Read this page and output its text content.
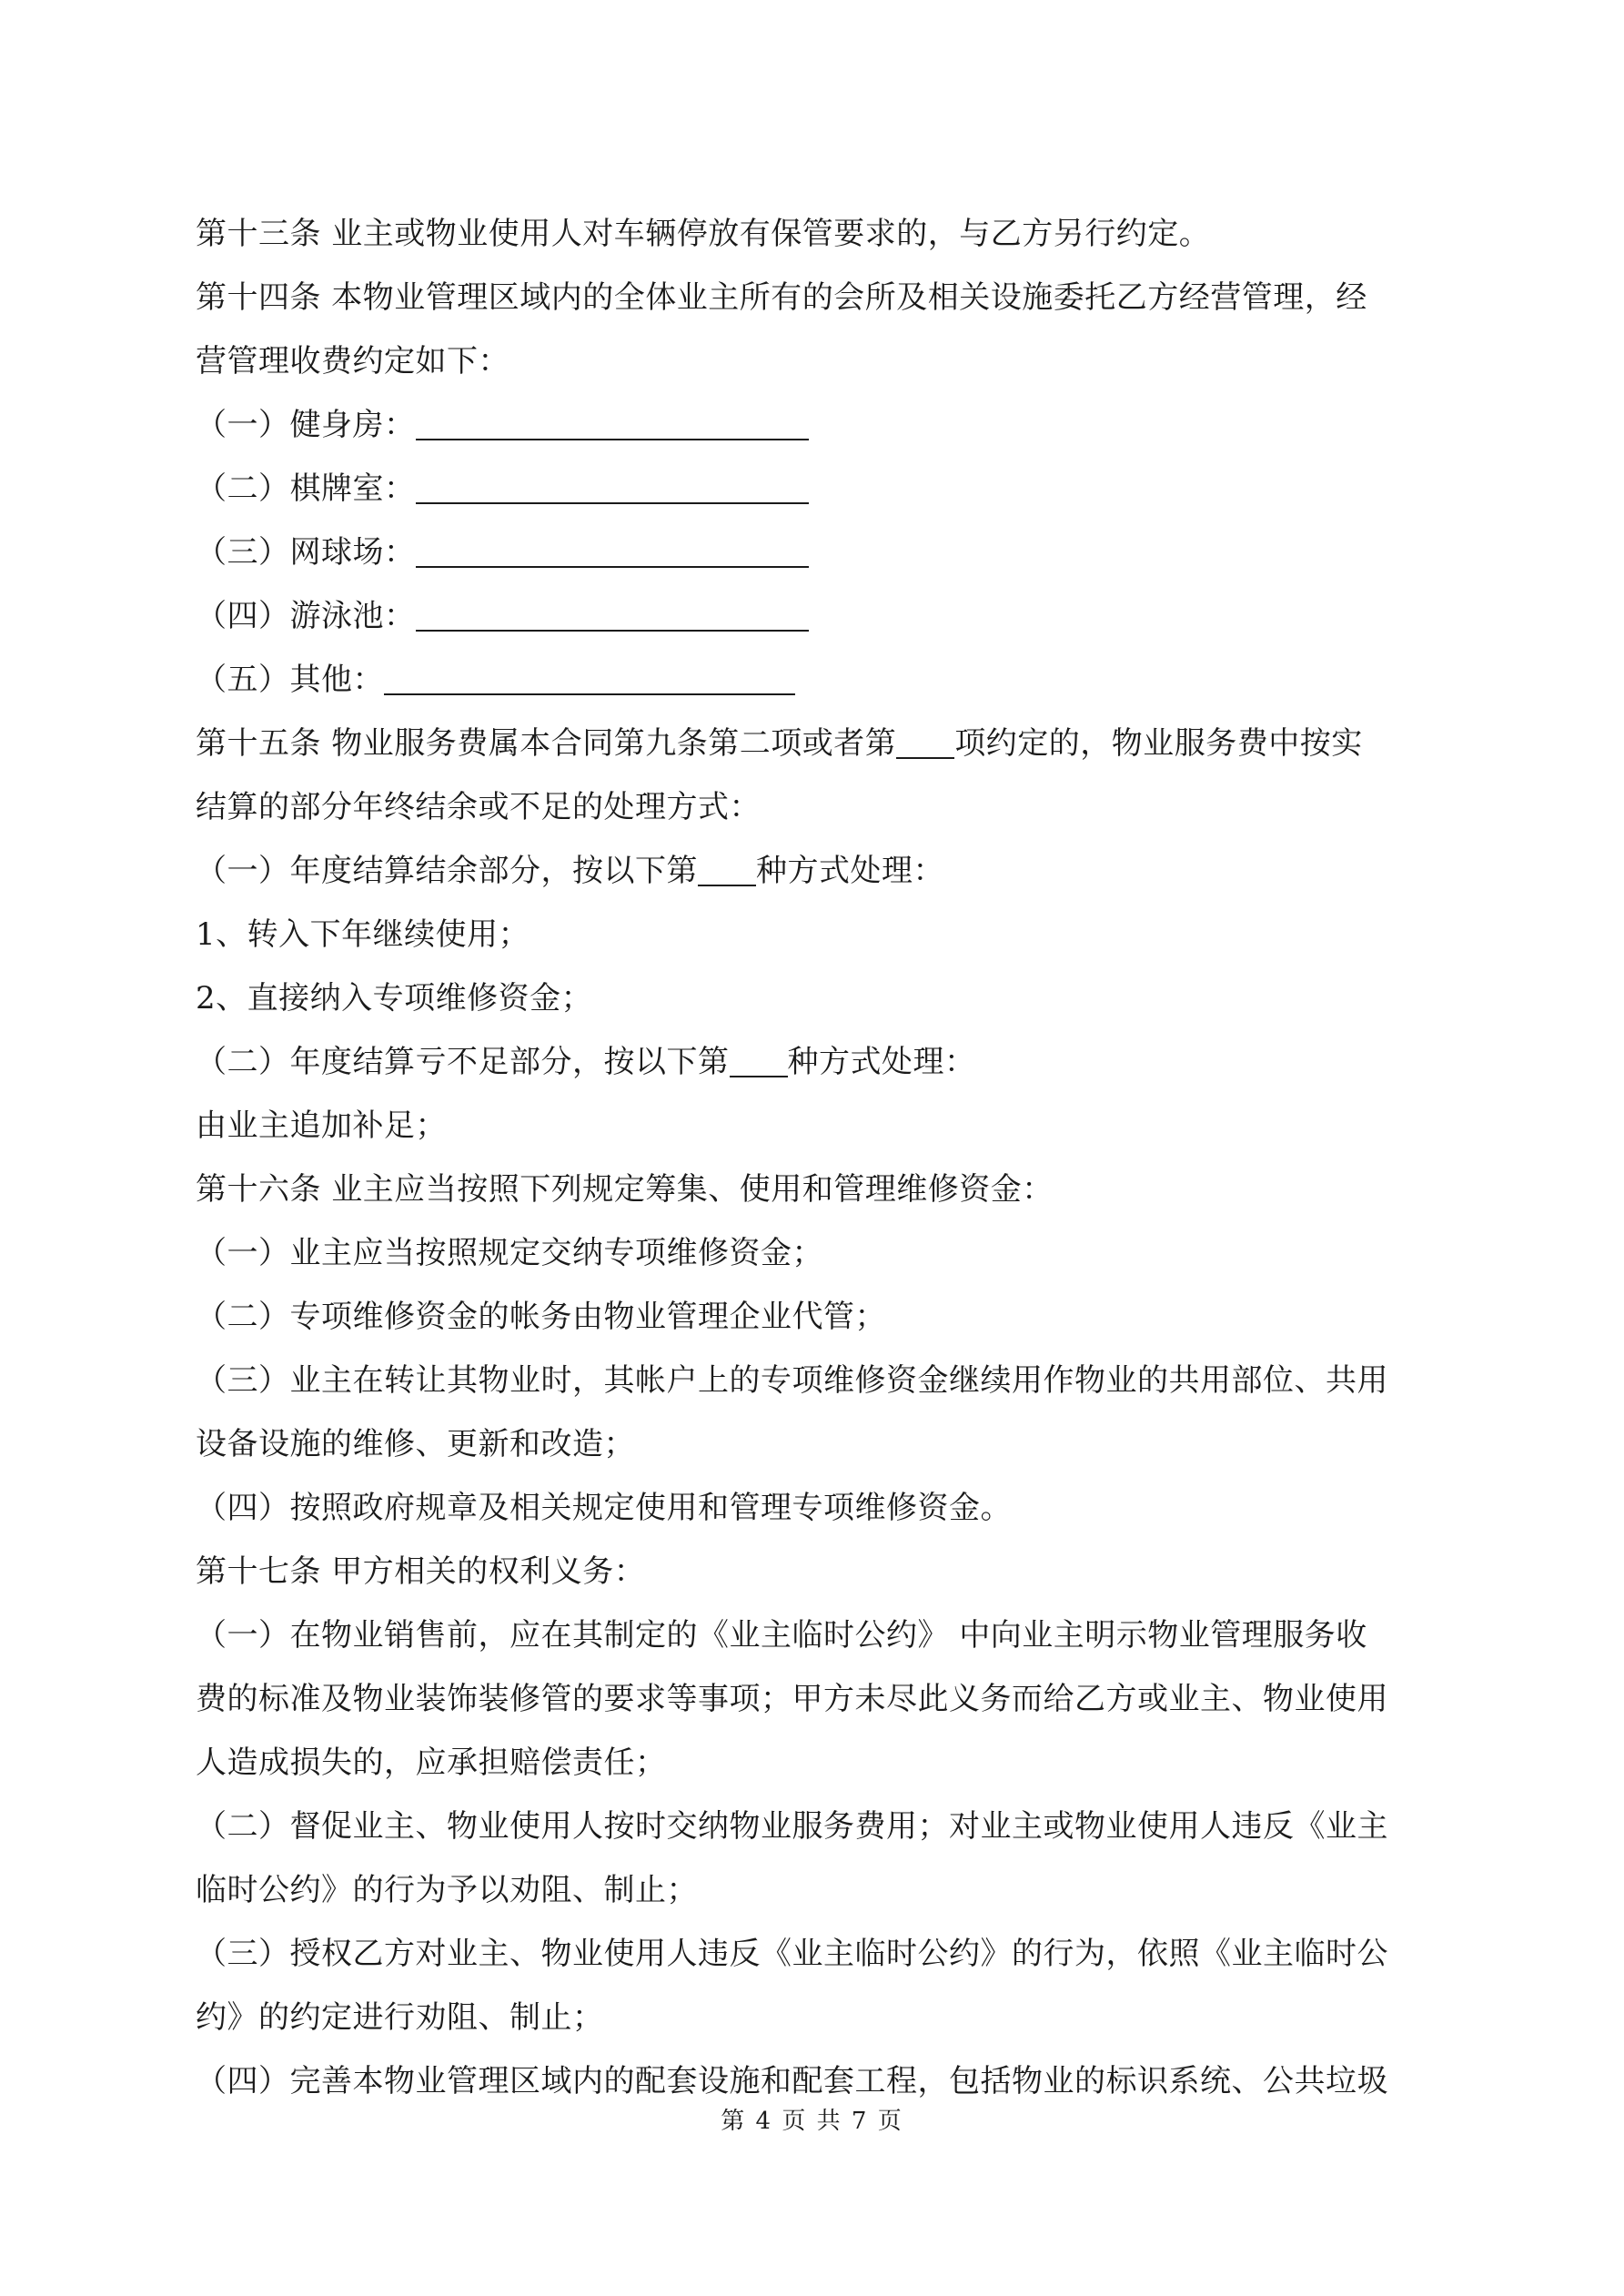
第十三条 业主或物业使用人对车辆停放有保管要求的，与乙方另行约定。
第十四条 本物业管理区域内的全体业主所有的会所及相关设施委托乙方经营管理，经
营管理收费约定如下：
（一）健身房：
（二）棋牌室：
（三）网球场：
（四）游泳池：
（五）其他：
第十五条 物业服务费属本合同第九条第二项或者第 项约定的，物业服务费中按实
结算的部分年终结余或不足的处理方式：
（一）年度结算结余部分，按以下第 种方式处理：
1、转入下年继续使用；
2、直接纳入专项维修资金；
（二）年度结算亏不足部分，按以下第 种方式处理：
由业主追加补足；
第十六条 业主应当按照下列规定筹集、使用和管理维修资金：
（一）业主应当按照规定交纳专项维修资金；
（二）专项维修资金的帐务由物业管理企业代管；
（三）业主在转让其物业时，其帐户上的专项维修资金继续用作物业的共用部位、共用
设备设施的维修、更新和改造；
（四）按照政府规章及相关规定使用和管理专项维修资金。
第十七条 甲方相关的权利义务：
（一）在物业销售前，应在其制定的《业主临时公约》 中向业主明示物业管理服务收
费的标准及物业装饰装修管的要求等事项；甲方未尽此义务而给乙方或业主、物业使用
人造成损失的，应承担赔偿责任；
（二）督促业主、物业使用人按时交纳物业服务费用；对业主或物业使用人违反《业主
临时公约》的行为予以劝阻、制止；
（三）授权乙方对业主、物业使用人违反《业主临时公约》的行为，依照《业主临时公
约》的约定进行劝阻、制止；
（四）完善本物业管理区域内的配套设施和配套工程，包括物业的标识系统、公共垃圾
第 4 页 共 7 页
